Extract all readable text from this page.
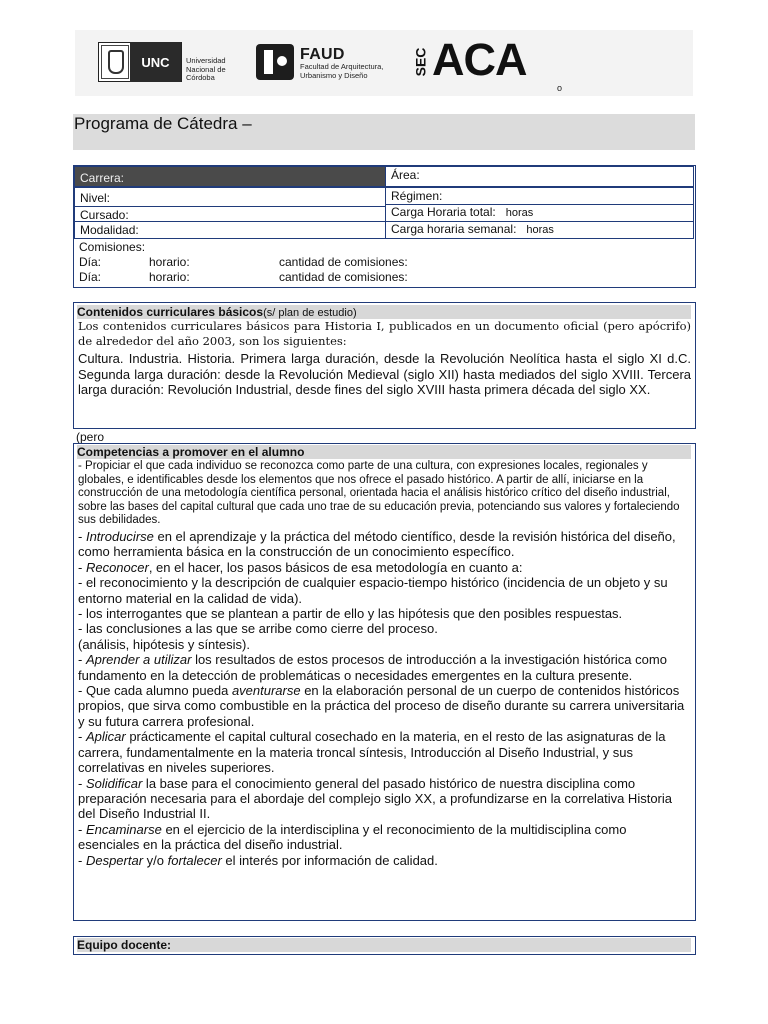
UNC	Universidad Nacional de Córdoba
FAUD
Facultad de Arquitectura, Urbanismo y Diseño	SEC ACA
o
Programa de Cátedra –
Carrera:	Área:
Nivel:	Régimen:
Cursado:	Carga Horaria total: horas
Modalidad:	Carga horaria semanal: horas
Comisiones:
Día:	horario:	cantidad de comisiones:
Día:	horario:	cantidad de comisiones:
Contenidos curriculares básicos(s/ plan de estudio)
Los contenidos curriculares básicos para Historia I, publicados en un documento oficial (pero apócrifo) de alrededor del año 2003, son los siguientes:
Cultura. Industria. Historia. Primera larga duración, desde la Revolución Neolítica hasta el siglo XI d.C. Segunda larga duración: desde la Revolución Medieval (siglo XII) hasta mediados del siglo XVIII. Tercera larga duración: Revolución Industrial, desde fines del siglo XVIII hasta primera década del siglo XX.
(pero
Competencias a promover en el alumno
- Propiciar el que cada individuo se reconozca como parte de una cultura, con expresiones locales, regionales y globales, e identificables desde los elementos que nos ofrece el pasado histórico. A partir de allí, iniciarse en la construcción de una metodología científica personal, orientada hacia el análisis histórico crítico del diseño industrial, sobre las bases del capital cultural que cada uno trae de su educación previa, potenciando sus valores y fortaleciendo sus debilidades.
- Introducirse en el aprendizaje y la práctica del método científico, desde la revisión histórica del diseño, como herramienta básica en la construcción de un conocimiento específico.
- Reconocer, en el hacer, los pasos básicos de esa metodología en cuanto a:
- el reconocimiento y la descripción de cualquier espacio-tiempo histórico (incidencia de un objeto y su entorno material en la calidad de vida).
- los interrogantes que se plantean a partir de ello y las hipótesis que den posibles respuestas.
- las conclusiones a las que se arribe como cierre del proceso.
(análisis, hipótesis y síntesis).
- Aprender a utilizar los resultados de estos procesos de introducción a la investigación histórica como fundamento en la detección de problemáticas o necesidades emergentes en la cultura presente.
- Que cada alumno pueda aventurarse en la elaboración personal de un cuerpo de contenidos históricos propios, que sirva como combustible en la práctica del proceso de diseño durante su carrera universitaria y su futura carrera profesional.
- Aplicar prácticamente el capital cultural cosechado en la materia, en el resto de las asignaturas de la carrera, fundamentalmente en la materia troncal síntesis, Introducción al Diseño Industrial, y sus correlativas en niveles superiores.
- Solidificar la base para el conocimiento general del pasado histórico de nuestra disciplina como preparación necesaria para el abordaje del complejo siglo XX, a profundizarse en la correlativa Historia del Diseño Industrial II.
- Encaminarse en el ejercicio de la interdisciplina y el reconocimiento de la multidisciplina como esenciales en la práctica del diseño industrial.
- Despertar y/o fortalecer el interés por información de calidad.
Equipo docente:
